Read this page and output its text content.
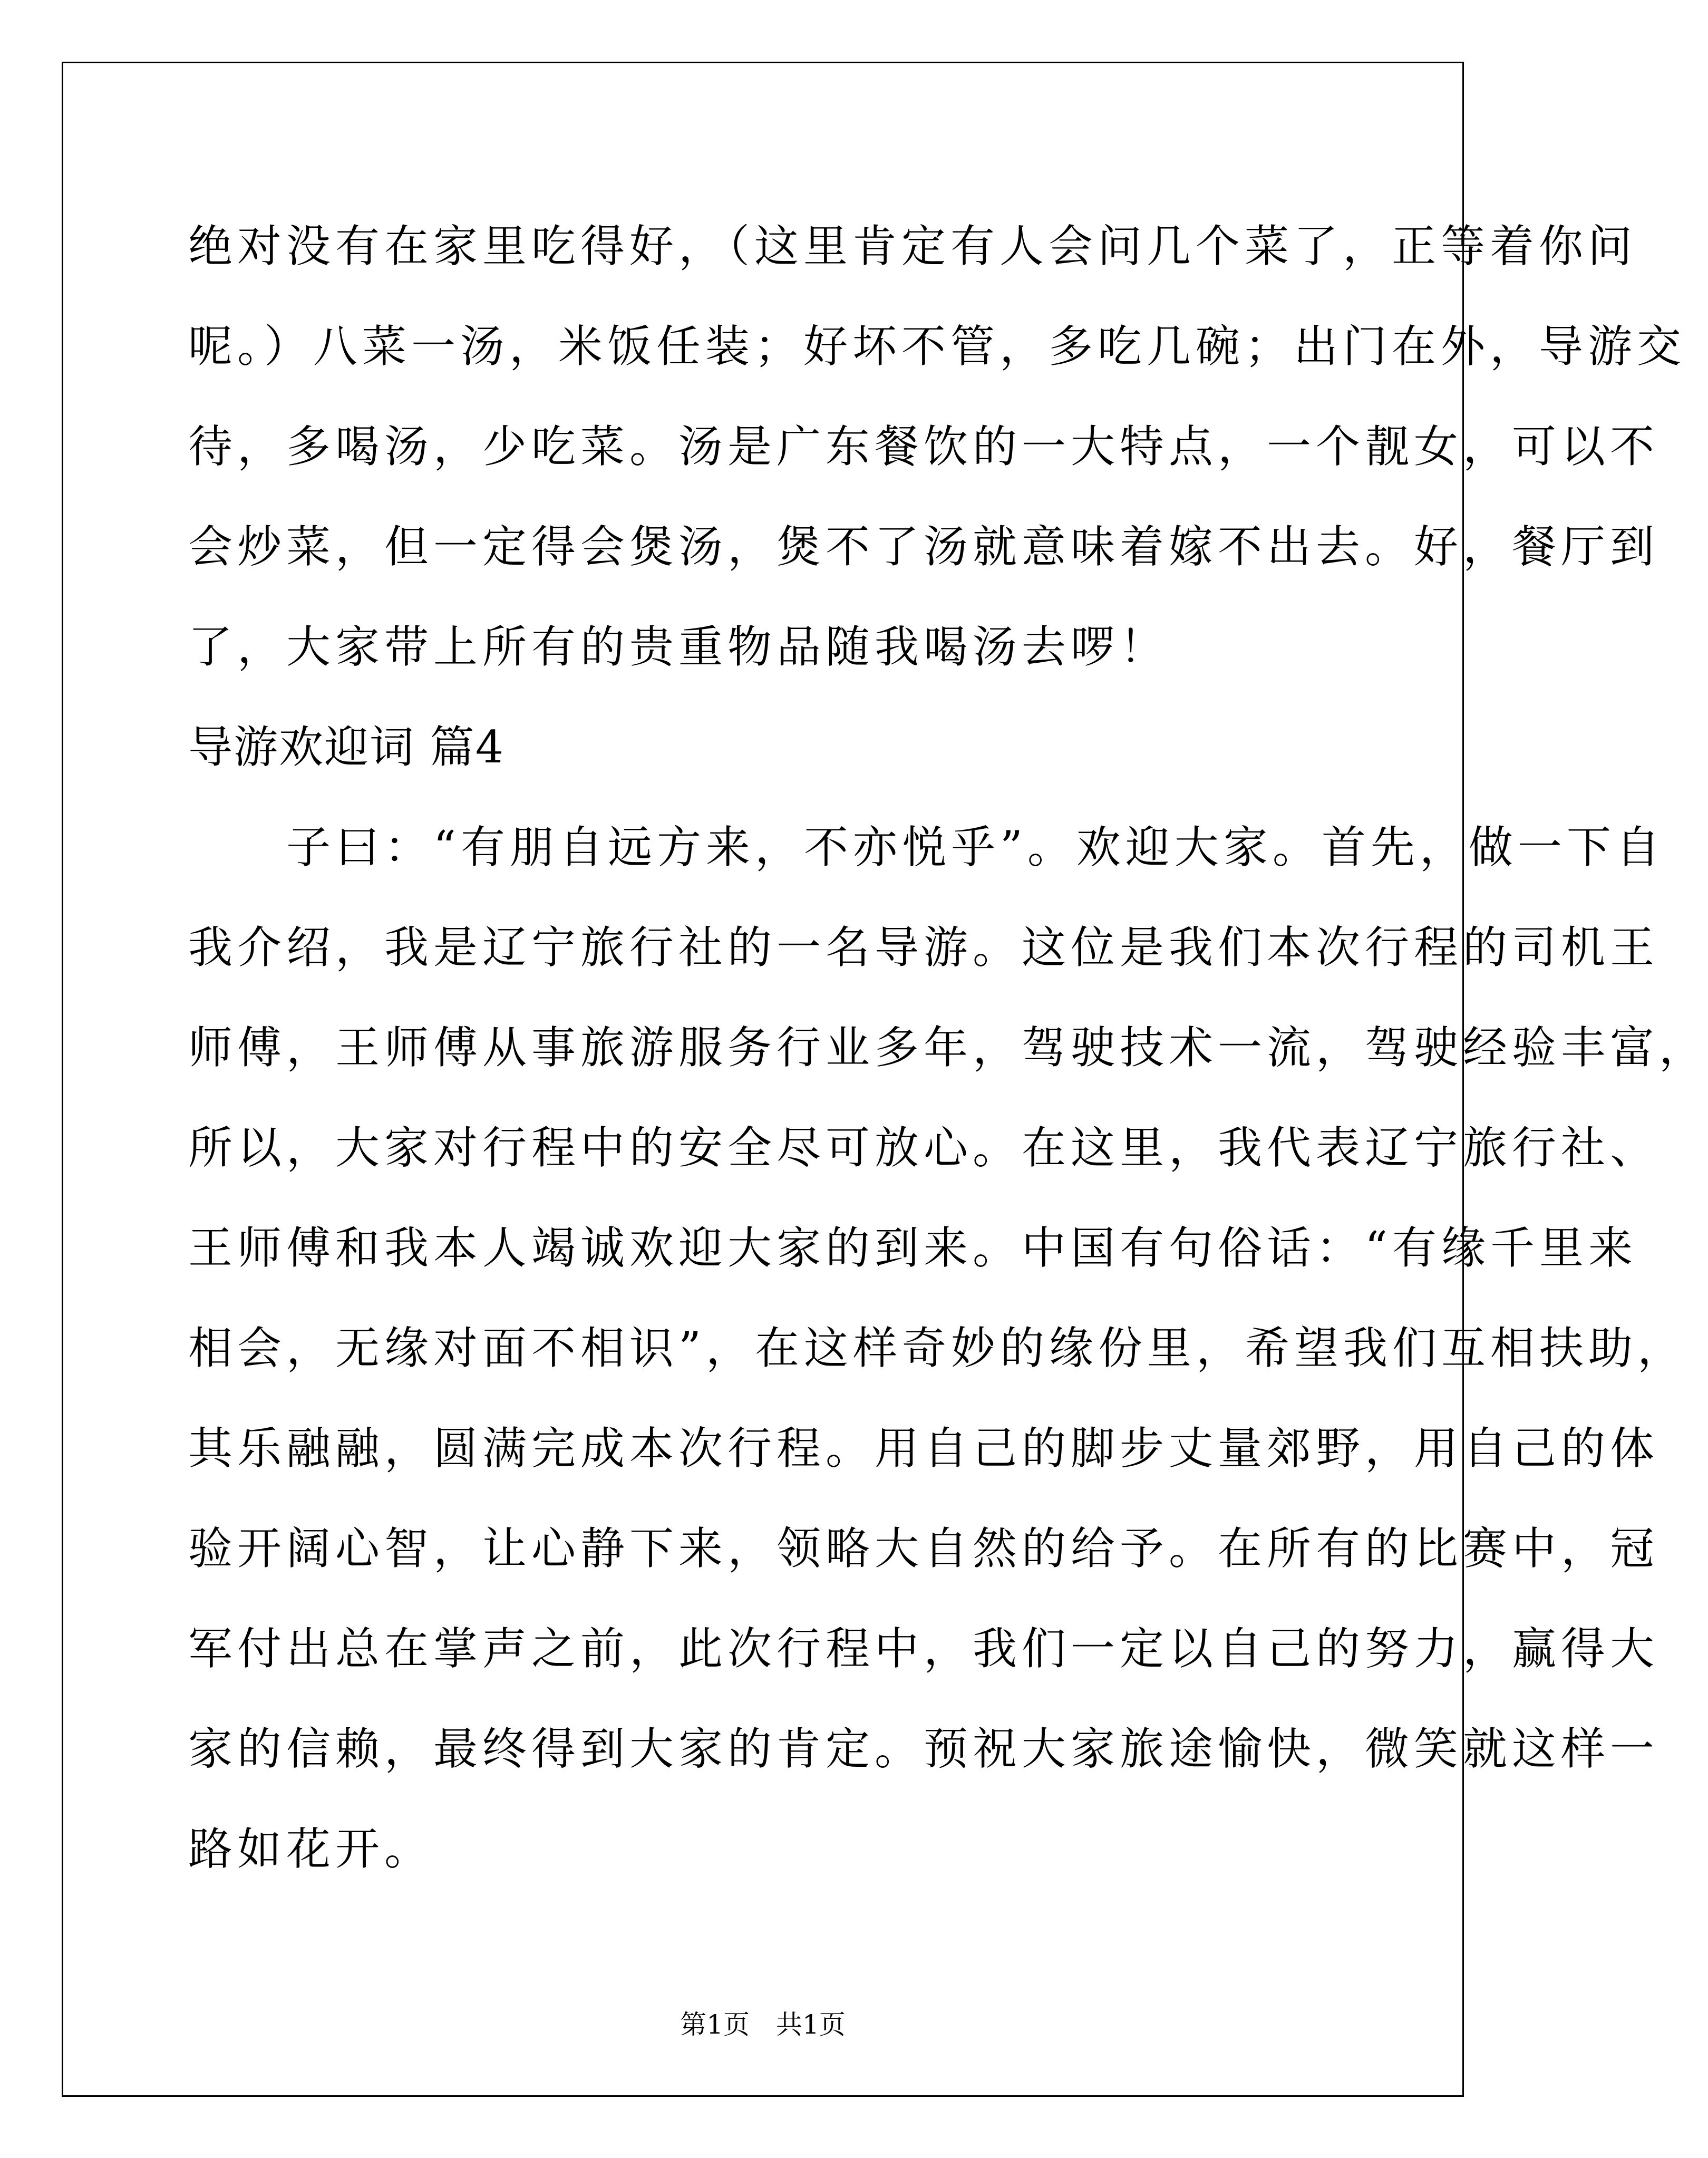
绝对没有在家里吃得好，（这里肯定有人会问几个菜了，正等着你问
呢。）八菜一汤，米饭任装；好坏不管，多吃几碗；出门在外，导游交
待，多喝汤，少吃菜。汤是广东餐饮的一大特点，一个靓女，可以不
会炒菜，但一定得会煲汤，煲不了汤就意味着嫁不出去。好，餐厅到
了，大家带上所有的贵重物品随我喝汤去啰！
导游欢迎词 篇4
　　子曰：“有朋自远方来，不亦悦乎”。欢迎大家。首先，做一下自
我介绍，我是辽宁旅行社的一名导游。这位是我们本次行程的司机王
师傅，王师傅从事旅游服务行业多年，驾驶技术一流，驾驶经验丰富，
所以，大家对行程中的安全尽可放心。在这里，我代表辽宁旅行社、
王师傅和我本人竭诚欢迎大家的到来。中国有句俗话：“有缘千里来
相会，无缘对面不相识”，在这样奇妙的缘份里，希望我们互相扶助，
其乐融融，圆满完成本次行程。用自己的脚步丈量郊野，用自己的体
验开阔心智，让心静下来，领略大自然的给予。在所有的比赛中，冠
军付出总在掌声之前，此次行程中，我们一定以自己的努力，赢得大
家的信赖，最终得到大家的肯定。预祝大家旅途愉快，微笑就这样一
路如花开。
第1页　共1页
